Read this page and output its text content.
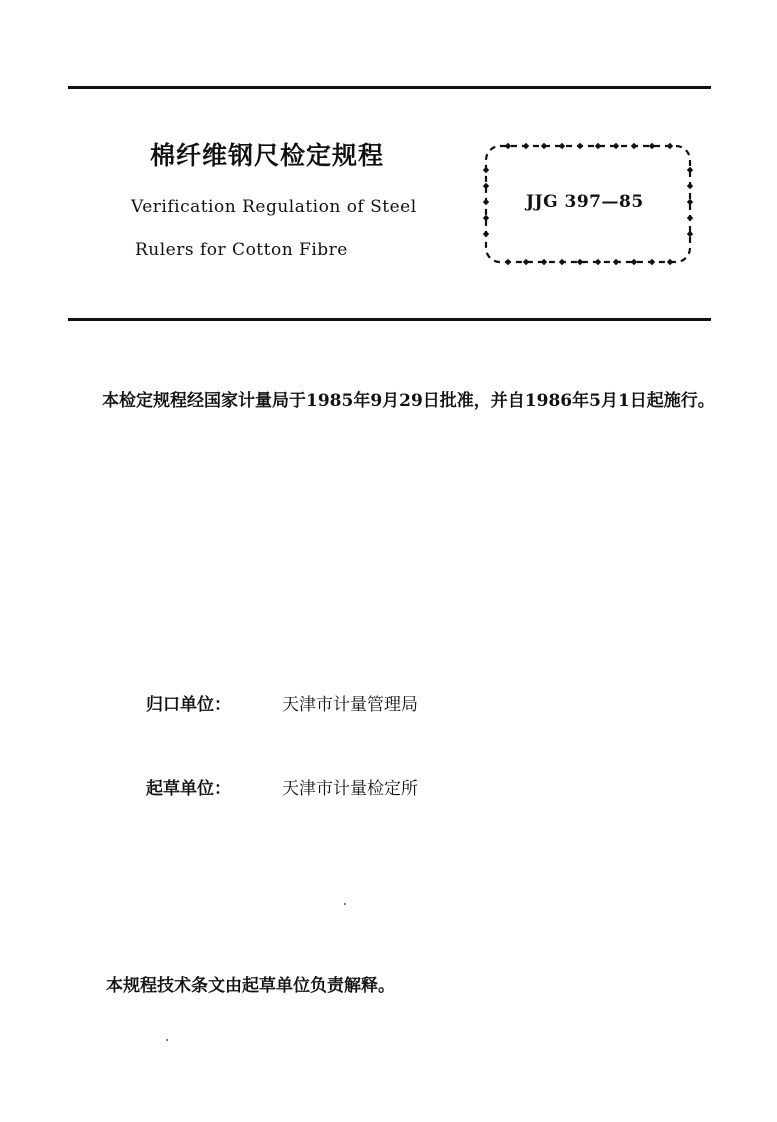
棉纤维钢尺检定规程
Verification Regulation of Steel
Rulers for Cotton Fibre
JJG 397—85
本检定规程经国家计量局于1985年9月29日批准，并自1986年5月1日起施行。
归口单位：	天津市计量管理局
起草单位：	天津市计量检定所
本规程技术条文由起草单位负责解释。
